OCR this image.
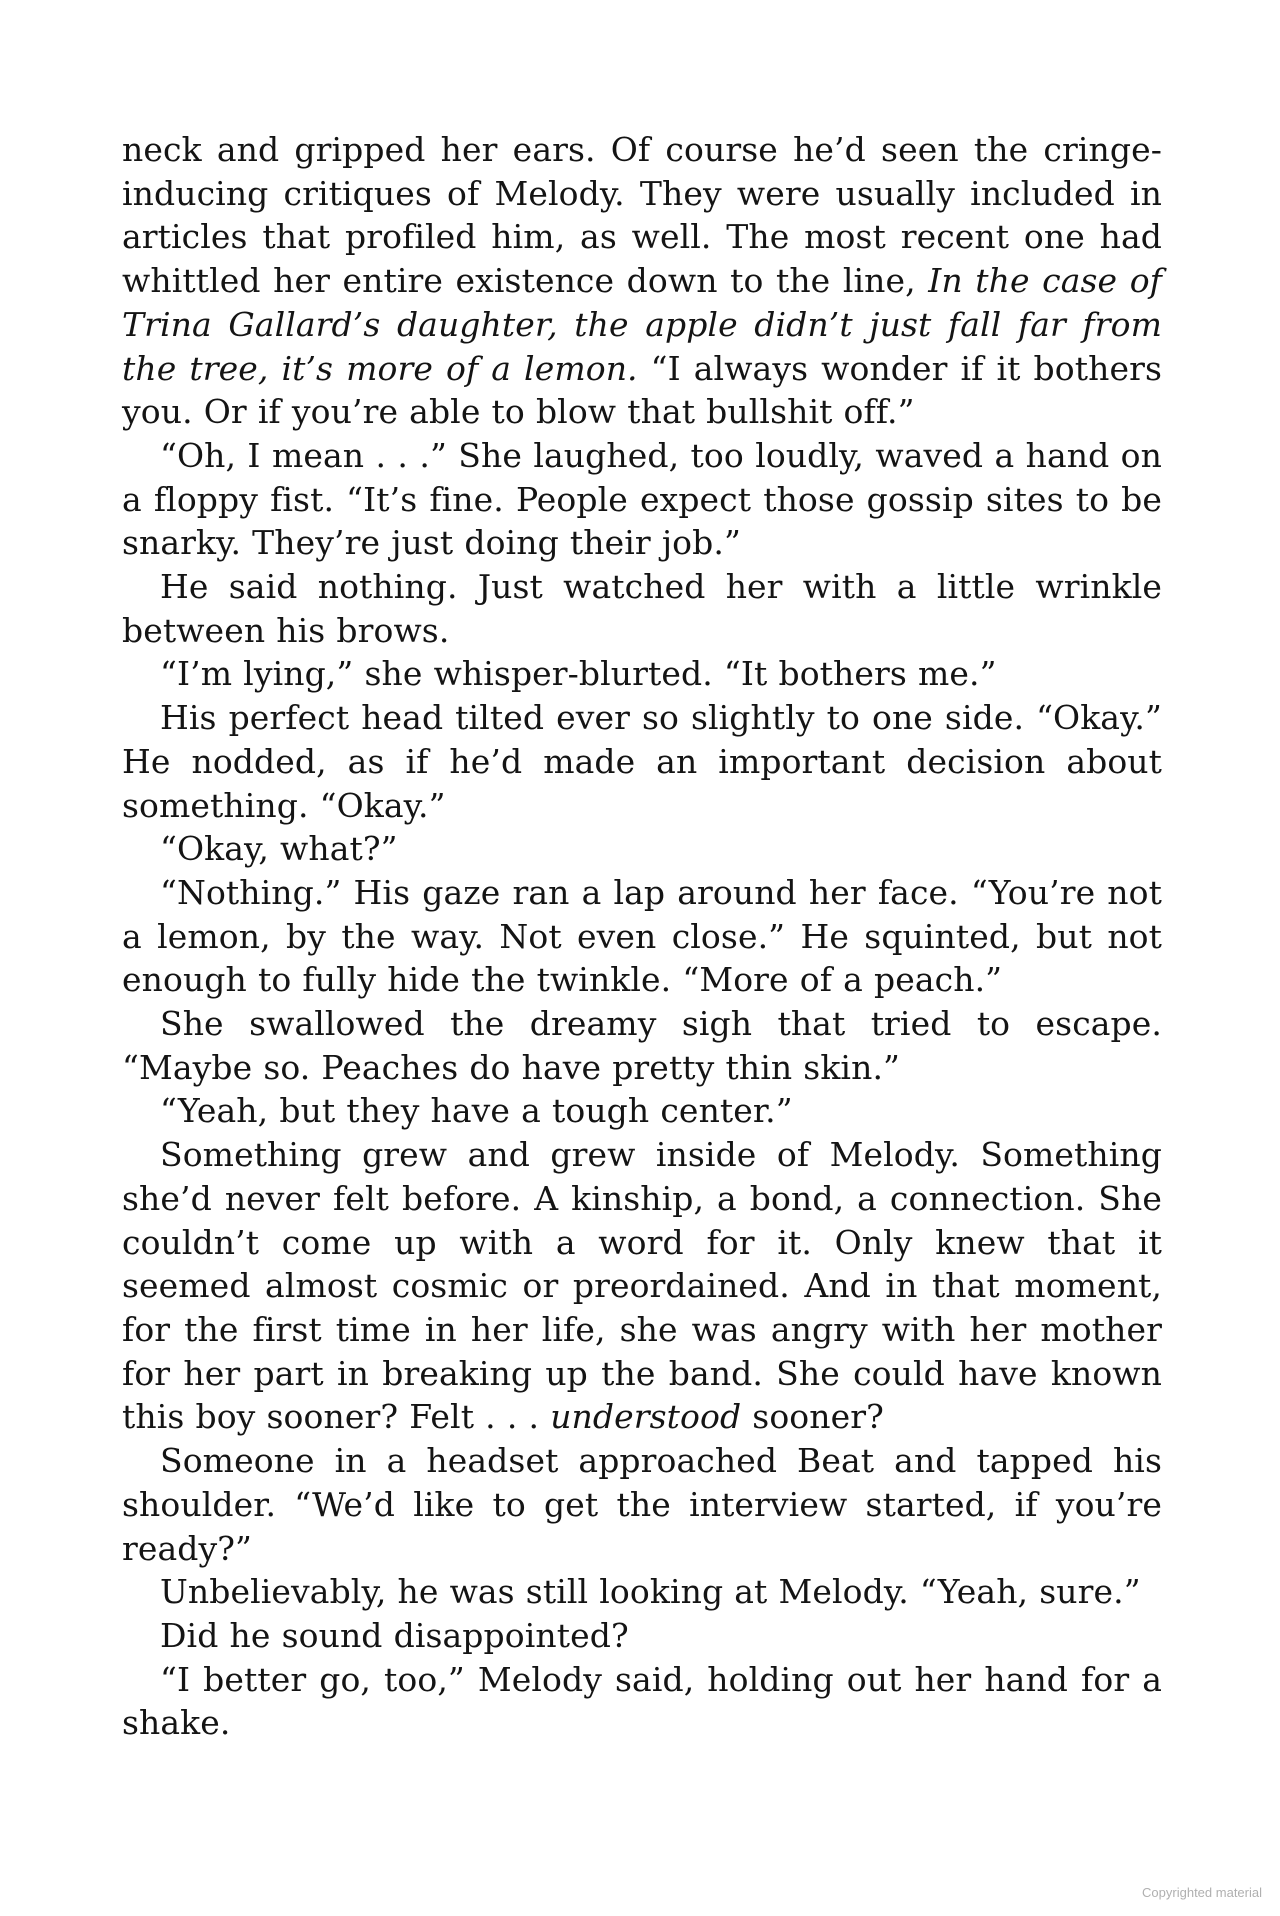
neck and gripped her ears. Of course he’d seen the cringe-inducing critiques of Melody. They were usually included in articles that profiled him, as well. The most recent one had whittled her entire existence down to the line, In the case of Trina Gallard’s daughter, the apple didn’t just fall far from the tree, it’s more of a lemon. “I always wonder if it bothers you. Or if you’re able to blow that bullshit off.”

“Oh, I mean . . .” She laughed, too loudly, waved a hand on a floppy fist. “It’s fine. People expect those gossip sites to be snarky. They’re just doing their job.”

He said nothing. Just watched her with a little wrinkle between his brows.

“I’m lying,” she whisper-blurted. “It bothers me.”

His perfect head tilted ever so slightly to one side. “Okay.” He nodded, as if he’d made an important decision about something. “Okay.”

“Okay, what?”

“Nothing.” His gaze ran a lap around her face. “You’re not a lemon, by the way. Not even close.” He squinted, but not enough to fully hide the twinkle. “More of a peach.”

She swallowed the dreamy sigh that tried to escape. “Maybe so. Peaches do have pretty thin skin.”

“Yeah, but they have a tough center.”

Something grew and grew inside of Melody. Something she’d never felt before. A kinship, a bond, a connection. She couldn’t come up with a word for it. Only knew that it seemed almost cosmic or preordained. And in that moment, for the first time in her life, she was angry with her mother for her part in breaking up the band. She could have known this boy sooner? Felt . . . understood sooner?

Someone in a headset approached Beat and tapped his shoulder. “We’d like to get the interview started, if you’re ready?”

Unbelievably, he was still looking at Melody. “Yeah, sure.”

Did he sound disappointed?

“I better go, too,” Melody said, holding out her hand for a shake.

Copyrighted material
